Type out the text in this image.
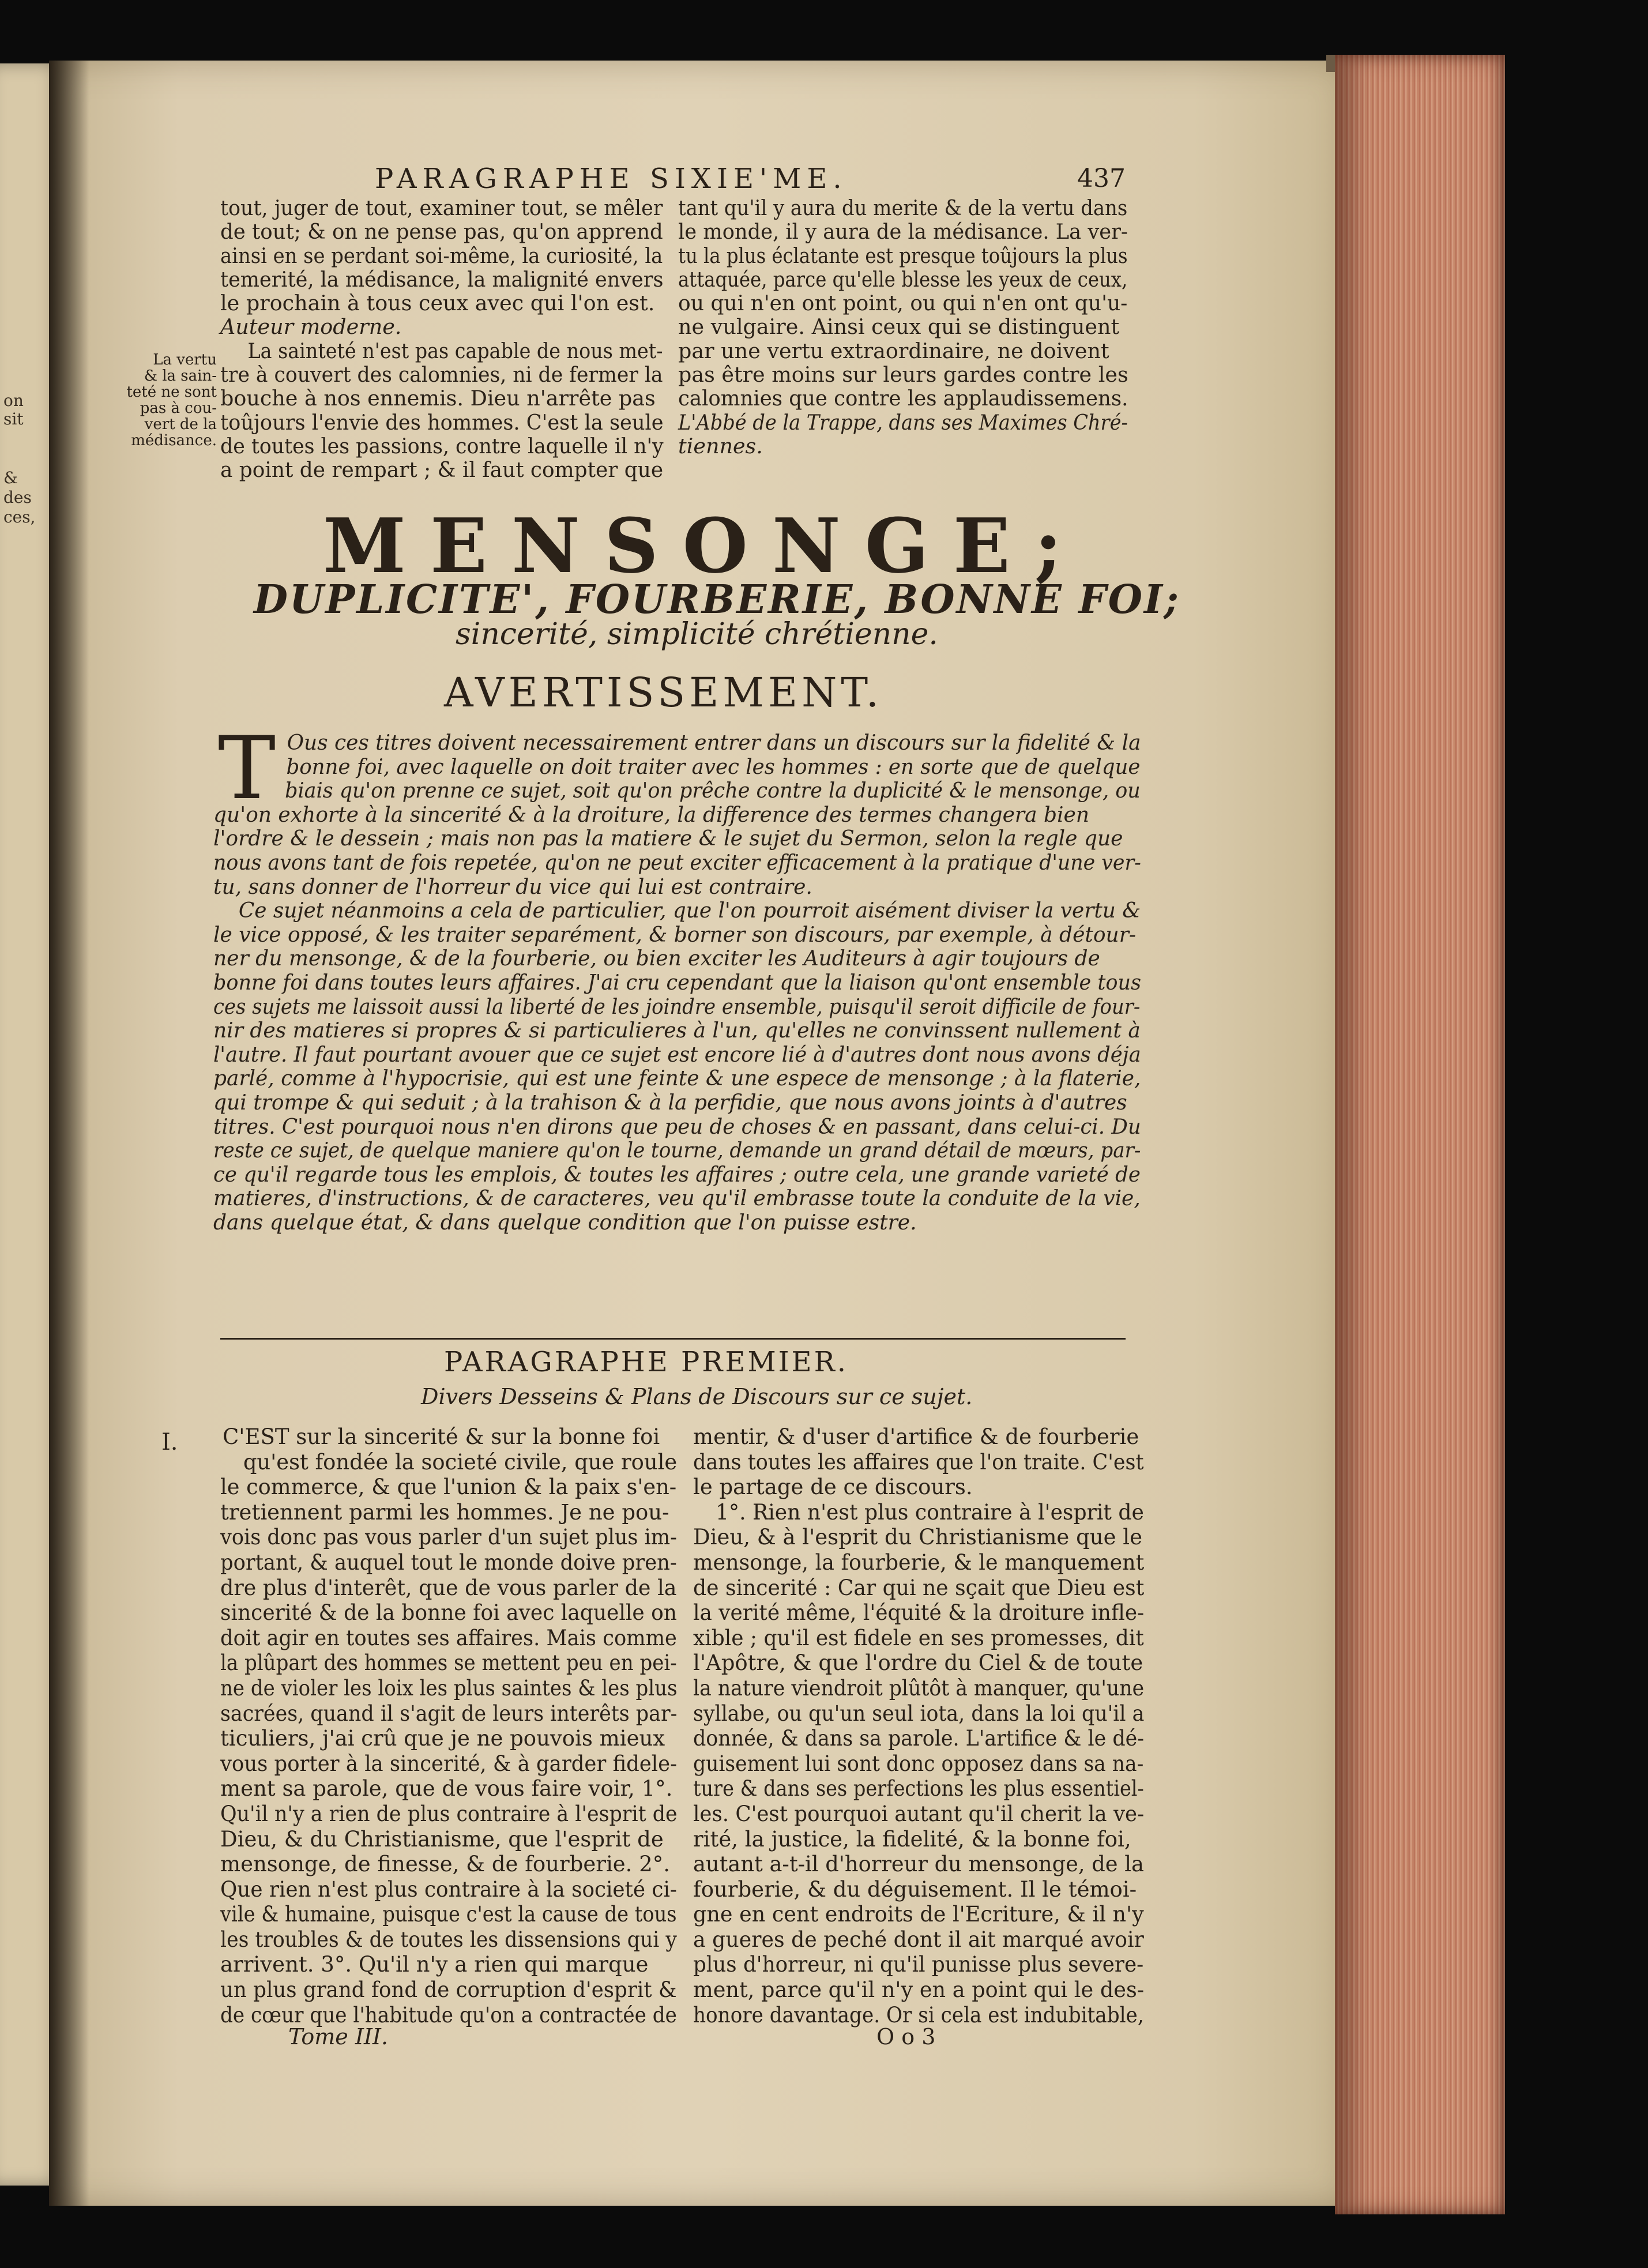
on
sit
&
des
ces,
PARAGRAPHE SIXIE'ME.	437
tout, juger de tout, examiner tout, se mêler
de tout; & on ne pense pas, qu'on apprend
ainsi en se perdant soi-même, la curiosité, la
temerité, la médisance, la malignité envers
le prochain à tous ceux avec qui l'on est.
Auteur moderne.
La sainteté n'est pas capable de nous met-
tre à couvert des calomnies, ni de fermer la
bouche à nos ennemis. Dieu n'arrête pas
toûjours l'envie des hommes. C'est la seule
de toutes les passions, contre laquelle il n'y
a point de rempart ; & il faut compter que
La vertu
& la sain-
teté ne sont
pas à cou-
vert de la
médisance.
tant qu'il y aura du merite & de la vertu dans
le monde, il y aura de la médisance. La ver-
tu la plus éclatante est presque toûjours la plus
attaquée, parce qu'elle blesse les yeux de ceux,
ou qui n'en ont point, ou qui n'en ont qu'u-
ne vulgaire. Ainsi ceux qui se distinguent
par une vertu extraordinaire, ne doivent
pas être moins sur leurs gardes contre les
calomnies que contre les applaudissemens.
L'Abbé de la Trappe, dans ses Maximes Chré-
tiennes.
MENSONGE;
DUPLICITE', FOURBERIE, BONNE FOI;
sincerité, simplicité chrétienne.
AVERTISSEMENT.
T Ous ces titres doivent necessairement entrer dans un discours sur la fidelité & la
bonne foi, avec laquelle on doit traiter avec les hommes : en sorte que de quelque
biais qu'on prenne ce sujet, soit qu'on prêche contre la duplicité & le mensonge, ou
qu'on exhorte à la sincerité & à la droiture, la difference des termes changera bien
l'ordre & le dessein ; mais non pas la matiere & le sujet du Sermon, selon la regle que
nous avons tant de fois repetée, qu'on ne peut exciter efficacement à la pratique d'une ver-
tu, sans donner de l'horreur du vice qui lui est contraire.
Ce sujet néanmoins a cela de particulier, que l'on pourroit aisément diviser la vertu &
le vice opposé, & les traiter separément, & borner son discours, par exemple, à détour-
ner du mensonge, & de la fourberie, ou bien exciter les Auditeurs à agir toujours de
bonne foi dans toutes leurs affaires. J'ai cru cependant que la liaison qu'ont ensemble tous
ces sujets me laissoit aussi la liberté de les joindre ensemble, puisqu'il seroit difficile de four-
nir des matieres si propres & si particulieres à l'un, qu'elles ne convinssent nullement à
l'autre. Il faut pourtant avouer que ce sujet est encore lié à d'autres dont nous avons déja
parlé, comme à l'hypocrisie, qui est une feinte & une espece de mensonge ; à la flaterie,
qui trompe & qui seduit ; à la trahison & à la perfidie, que nous avons joints à d'autres
titres. C'est pourquoi nous n'en dirons que peu de choses & en passant, dans celui-ci. Du
reste ce sujet, de quelque maniere qu'on le tourne, demande un grand détail de mœurs, par-
ce qu'il regarde tous les emplois, & toutes les affaires ; outre cela, une grande varieté de
matieres, d'instructions, & de caracteres, veu qu'il embrasse toute la conduite de la vie,
dans quelque état, & dans quelque condition que l'on puisse estre.
PARAGRAPHE PREMIER.
Divers Desseins & Plans de Discours sur ce sujet.
I. C'EST sur la sincerité & sur la bonne foi
qu'est fondée la societé civile, que roule
le commerce, & que l'union & la paix s'en-
tretiennent parmi les hommes. Je ne pou-
vois donc pas vous parler d'un sujet plus im-
portant, & auquel tout le monde doive pren-
dre plus d'interêt, que de vous parler de la
sincerité & de la bonne foi avec laquelle on
doit agir en toutes ses affaires. Mais comme
la plûpart des hommes se mettent peu en pei-
ne de violer les loix les plus saintes & les plus
sacrées, quand il s'agit de leurs interêts par-
ticuliers, j'ai crû que je ne pouvois mieux
vous porter à la sincerité, & à garder fidele-
ment sa parole, que de vous faire voir, 1°.
Qu'il n'y a rien de plus contraire à l'esprit de
Dieu, & du Christianisme, que l'esprit de
mensonge, de finesse, & de fourberie. 2°.
Que rien n'est plus contraire à la societé ci-
vile & humaine, puisque c'est la cause de tous
les troubles & de toutes les dissensions qui y
arrivent. 3°. Qu'il n'y a rien qui marque
un plus grand fond de corruption d'esprit &
de cœur que l'habitude qu'on a contractée de
mentir, & d'user d'artifice & de fourberie
dans toutes les affaires que l'on traite. C'est
le partage de ce discours.
1°. Rien n'est plus contraire à l'esprit de
Dieu, & à l'esprit du Christianisme que le
mensonge, la fourberie, & le manquement
de sincerité : Car qui ne sçait que Dieu est
la verité même, l'équité & la droiture infle-
xible ; qu'il est fidele en ses promesses, dit
l'Apôtre, & que l'ordre du Ciel & de toute
la nature viendroit plûtôt à manquer, qu'une
syllabe, ou qu'un seul iota, dans la loi qu'il a
donnée, & dans sa parole. L'artifice & le dé-
guisement lui sont donc opposez dans sa na-
ture & dans ses perfections les plus essentiel-
les. C'est pourquoi autant qu'il cherit la ve-
rité, la justice, la fidelité, & la bonne foi,
autant a-t-il d'horreur du mensonge, de la
fourberie, & du déguisement. Il le témoi-
gne en cent endroits de l'Ecriture, & il n'y
a gueres de peché dont il ait marqué avoir
plus d'horreur, ni qu'il punisse plus severe-
ment, parce qu'il n'y en a point qui le des-
honore davantage. Or si cela est indubitable,
Tome III.	O o 3
